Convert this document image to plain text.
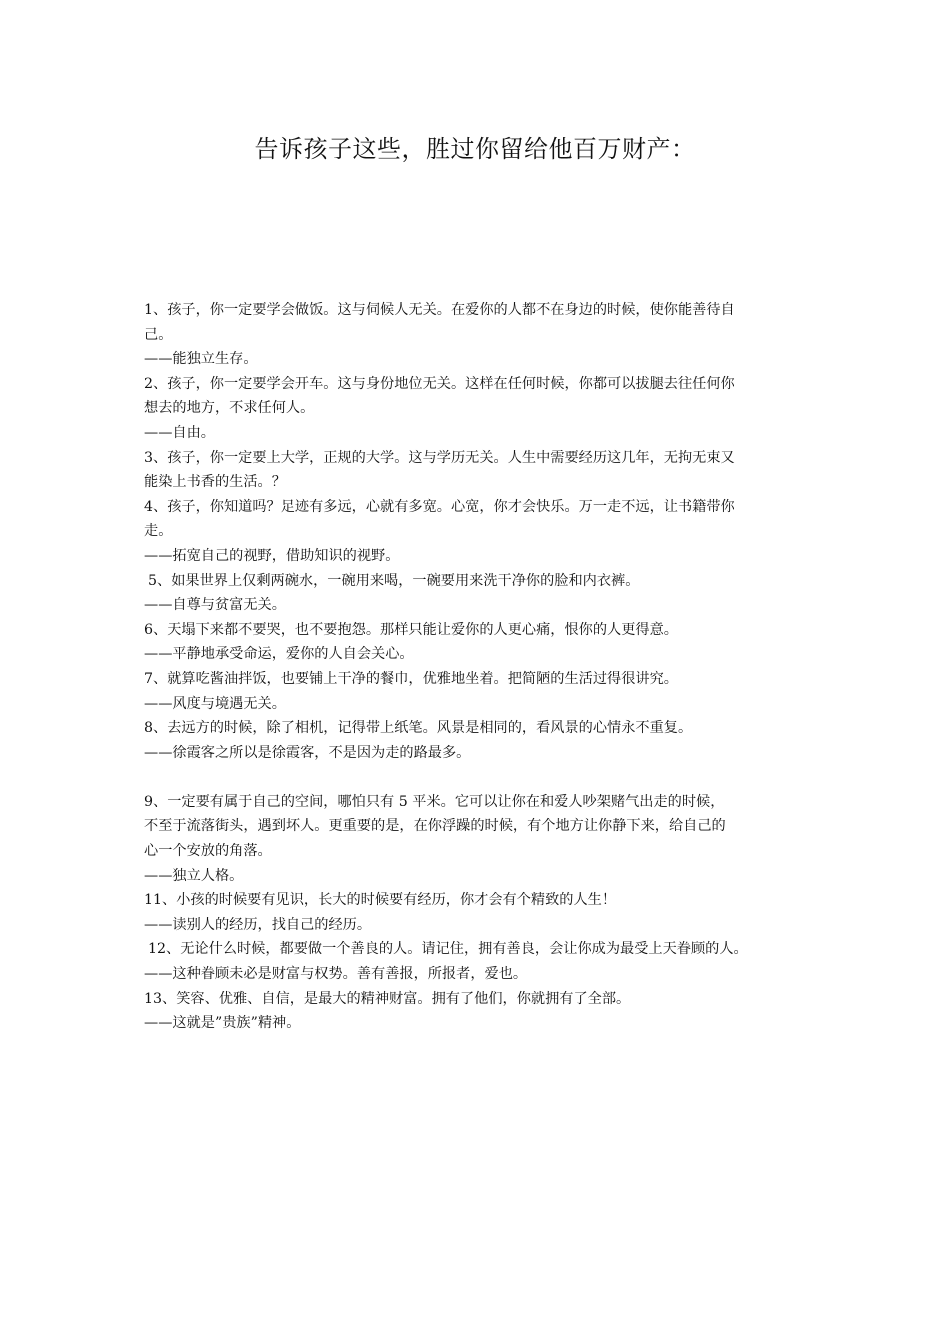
告诉孩子这些，胜过你留给他百万财产：
1、孩子，你一定要学会做饭。这与伺候人无关。在爱你的人都不在身边的时候，使你能善待自
己。
——能独立生存。
2、孩子，你一定要学会开车。这与身份地位无关。这样在任何时候，你都可以拔腿去往任何你
想去的地方，不求任何人。
——自由。
3、孩子，你一定要上大学，正规的大学。这与学历无关。人生中需要经历这几年，无拘无束又
能染上书香的生活。？
4、孩子，你知道吗？足迹有多远，心就有多宽。心宽，你才会快乐。万一走不远，让书籍带你
走。
——拓宽自己的视野，借助知识的视野。
5、如果世界上仅剩两碗水，一碗用来喝，一碗要用来洗干净你的脸和内衣裤。
——自尊与贫富无关。
6、天塌下来都不要哭，也不要抱怨。那样只能让爱你的人更心痛，恨你的人更得意。
——平静地承受命运，爱你的人自会关心。
7、就算吃酱油拌饭，也要铺上干净的餐巾，优雅地坐着。把简陋的生活过得很讲究。
——风度与境遇无关。
8、去远方的时候，除了相机，记得带上纸笔。风景是相同的，看风景的心情永不重复。
——徐霞客之所以是徐霞客，不是因为走的路最多。
9、一定要有属于自己的空间，哪怕只有 5 平米。它可以让你在和爱人吵架赌气出走的时候，
不至于流落街头，遇到坏人。更重要的是，在你浮躁的时候，有个地方让你静下来，给自己的
心一个安放的角落。
——独立人格。
11、小孩的时候要有见识，长大的时候要有经历，你才会有个精致的人生！
——读别人的经历，找自己的经历。
12、无论什么时候，都要做一个善良的人。请记住，拥有善良，会让你成为最受上天眷顾的人。
——这种眷顾未必是财富与权势。善有善报，所报者，爱也。
13、笑容、优雅、自信，是最大的精神财富。拥有了他们，你就拥有了全部。
——这就是”贵族”精神。
